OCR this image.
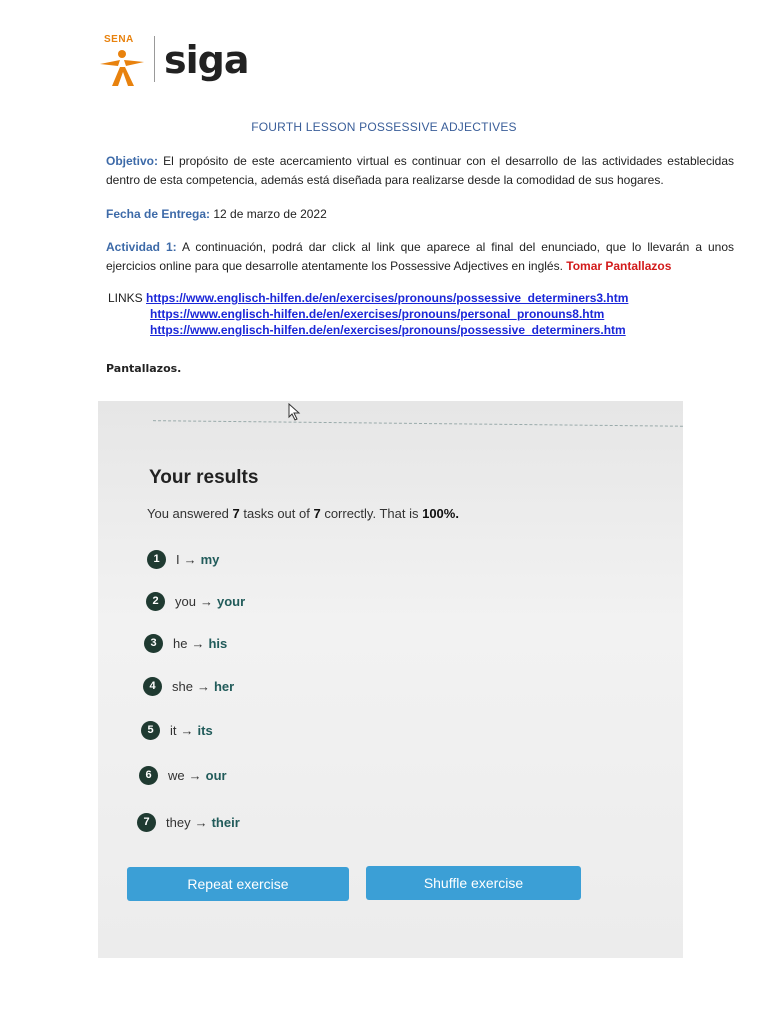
SENA siga
FOURTH LESSON POSSESSIVE ADJECTIVES
Objetivo: El propósito de este acercamiento virtual es continuar con el desarrollo de las actividades establecidas dentro de esta competencia, además está diseñada para realizarse desde la comodidad de sus hogares.
Fecha de Entrega: 12 de marzo de 2022
Actividad 1: A continuación, podrá dar click al link que aparece al final del enunciado, que lo llevarán a unos ejercicios online para que desarrolle atentamente los Possessive Adjectives en inglés. Tomar Pantallazos
LINKS https://www.englisch-hilfen.de/en/exercises/pronouns/possessive_determiners3.htm
https://www.englisch-hilfen.de/en/exercises/pronouns/personal_pronouns8.htm
https://www.englisch-hilfen.de/en/exercises/pronouns/possessive_determiners.htm
Pantallazos.
Your results
You answered 7 tasks out of 7 correctly. That is 100%.
1	I → my
2	you → your
3	he → his
4	she → her
5	it → its
6	we → our
7	they → their
Repeat exercise	Shuffle exercise
